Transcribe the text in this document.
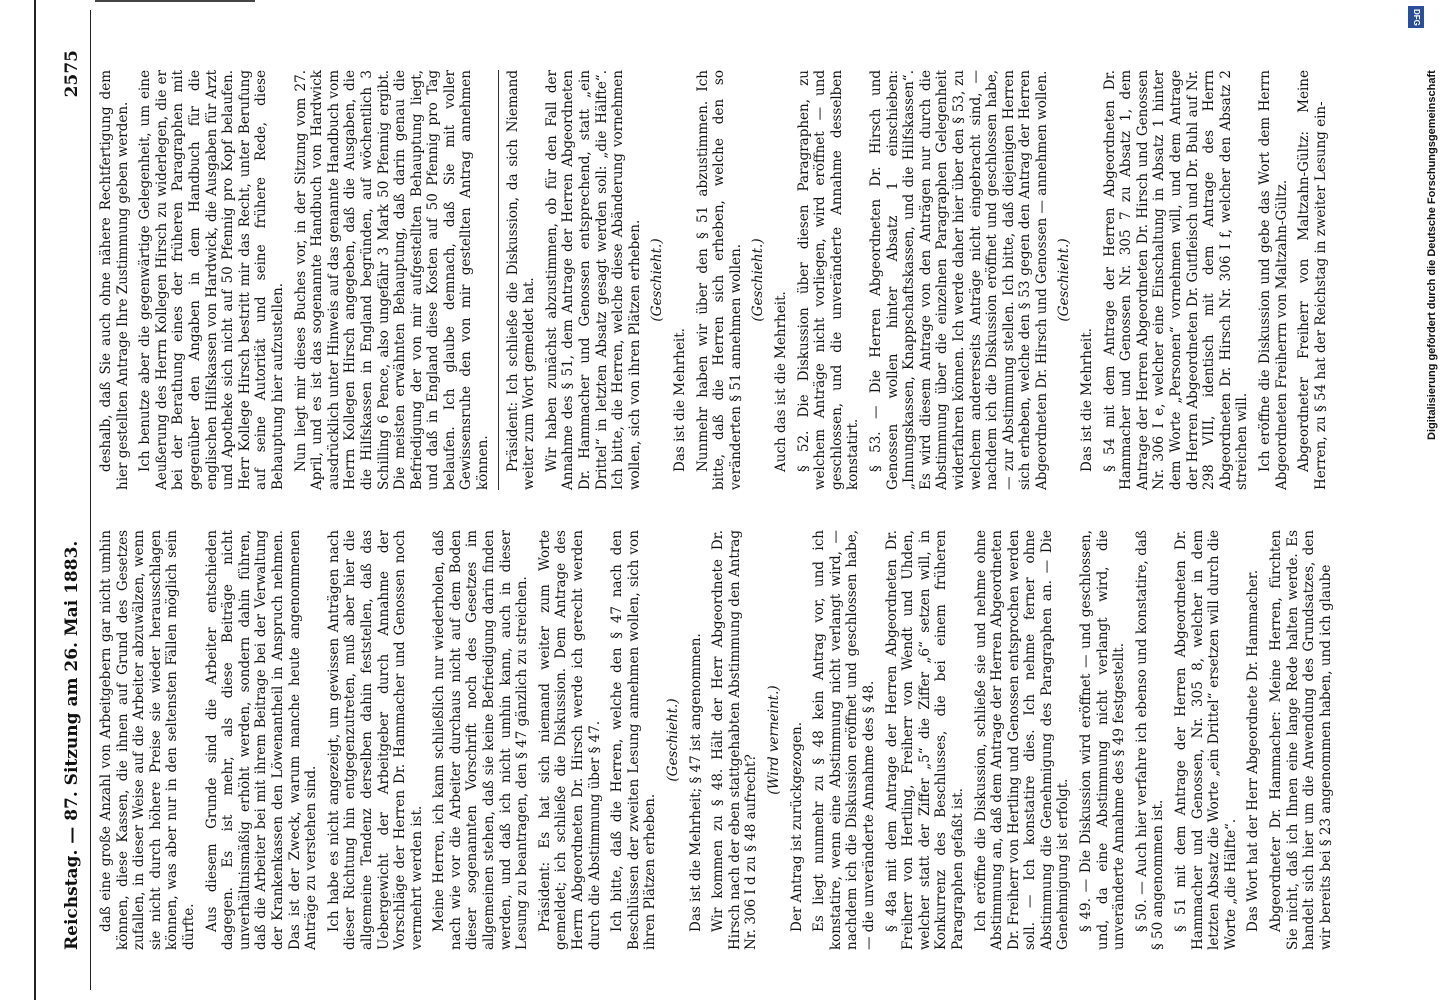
Reichstag. — 87. Sitzung am 26. Mai 1883.
2575

daß eine große Anzahl von Arbeitgebern gar nicht umhin können, diese Kassen, die ihnen auf Grund des Gesetzes zufallen, in dieser Weise auf die Arbeiter abzuwälzen, wenn sie nicht durch höhere Preise sie wieder herausschlagen können, was aber nur in den seltensten Fällen möglich sein dürfte. Aus diesem Grunde sind die Arbeiter entschieden dagegen. Es ist mehr, als diese Beiträge nicht unverhältnismäßig erhöht werden, sondern dahin führen, daß die Arbeiter bei mit ihrem Beitrage bei der Verwaltung der Krankenkassen den Löwenantheil in Anspruch nehmen. Das ist der Zweck, warum manche heute angenommenen Anträge zu verstehen sind. Ich habe es nicht angezeigt, um gewissen Anträgen nach dieser Richtung hin entgegenzutreten, muß aber hier die allgemeine Tendenz derselben dahin feststellen, daß das Uebergewicht der Arbeitgeber durch Annahme der Vorschläge der Herren Dr. Hammacher und Genossen noch vermehrt werden ist. Meine Herren, ich kann schließlich nur wiederholen, daß nach wie vor die Arbeiter durchaus nicht auf dem Boden dieser sogenannten Vorschrift noch des Gesetzes im allgemeinen stehen, daß sie keine Befriedigung darin finden werden, und daß ich nicht umhin kann, auch in dieser Lesung zu beantragen, den § 47 gänzlich zu streichen. Präsident: Es hat sich niemand weiter zum Worte gemeldet; ich schließe die Diskussion. Dem Antrage des Herrn Abgeordneten Dr. Hirsch werde ich gerecht werden durch die Abstimmung über § 47. Ich bitte, daß die Herren, welche den § 47 nach den Beschlüssen der zweiten Lesung annehmen wollen, sich von ihren Plätzen erheben.

(Geschieht.) Das ist die Mehrheit; § 47 ist angenommen. Wir kommen zu § 48. Hält der Herr Abgeordnete Dr. Hirsch nach der eben stattgehabten Abstimmung den Antrag Nr. 306 I d zu § 48 aufrecht?

(Wird verneint.) Der Antrag ist zurückgezogen. Es liegt nunmehr zu § 48 kein Antrag vor, und ich konstatire, wenn eine Abstimmung nicht verlangt wird, — nachdem ich die Diskussion eröffnet und geschlossen habe, — die unveränderte Annahme des § 48. § 48a mit dem Antrage der Herren Abgeordneten Dr. Freiherr von Hertling, Freiherr von Wendt und Uhden, welcher statt der Ziffer „5“ die Ziffer „6“ setzen will, in Konkurrenz des Beschlusses, die bei einem früheren Paragraphen gefaßt ist. Ich eröffne die Diskussion, schließe sie und nehme ohne Abstimmung an, daß dem Antrage der Herren Abgeordneten Dr. Freiherr von Hertling und Genossen entsprochen werden soll. — Ich konstatire dies. Ich nehme ferner ohne Abstimmung die Genehmigung des Paragraphen an. — Die Genehmigung ist erfolgt. § 49. — Die Diskussion wird eröffnet — und geschlossen, und, da eine Abstimmung nicht verlangt wird, die unveränderte Annahme des § 49 festgestellt. § 50. — Auch hier verfahre ich ebenso und konstatire, daß § 50 angenommen ist. § 51 mit dem Antrage der Herren Abgeordneten Dr. Hammacher und Genossen, Nr. 305 8, welcher in dem letzten Absatz die Worte „ein Drittel“ ersetzen will durch die Worte „die Hälfte“. Das Wort hat der Herr Abgeordnete Dr. Hammacher. Abgeordneter Dr. Hammacher: Meine Herren, fürchten Sie nicht, daß ich Ihnen eine lange Rede halten werde. Es handelt sich hier um die Anwendung des Grundsatzes, den wir bereits bei § 23 angenommen haben, und ich glaube

deshalb, daß Sie auch ohne nähere Rechtfertigung dem hier gestellten Antrage Ihre Zustimmung geben werden. Ich benutze aber die gegenwärtige Gelegenheit, um eine Aeußerung des Herrn Kollegen Hirsch zu widerlegen, die er bei der Berathung eines der früheren Paragraphen mit gegenüber den Angaben in dem Handbuch für die englischen Hilfskassen von Hardwick, die Ausgaben für Arzt und Apotheke sich nicht auf 50 Pfennig pro Kopf belaufen. Herr Kollege Hirsch bestritt mir das Recht, unter Berufung auf seine Autorität und seine frühere Rede, diese Behauptung hier aufzustellen. Nun liegt mir dieses Buches vor, in der Sitzung vom 27. April, und es ist das sogenannte Handbuch von Hardwick ausdrücklich unter Hinweis auf das genannte Handbuch vom Herrn Kollegen Hirsch angegeben, daß die Ausgaben, die die Hilfskassen in England begründen, auf wöchentlich 3 Schilling 6 Pence, also ungefähr 3 Mark 50 Pfennig ergibt. Die meisten erwähnten Behauptung, daß darin genau die Befriedigung der von mir aufgestellten Behauptung liegt, und daß in England diese Kosten auf 50 Pfennig pro Tag belaufen. Ich glaube demnach, daß Sie mit voller Gewissensruhe den von mir gestellten Antrag annehmen können. Präsident: Ich schließe die Diskussion, da sich Niemand weiter zum Wort gemeldet hat. Wir haben zunächst abzustimmen, ob für den Fall der Annahme des § 51, dem Antrage der Herren Abgeordneten Dr. Hammacher und Genossen entsprechend, statt „ein Drittel“ in letzten Absatz gesagt werden soll: „die Hälfte“. Ich bitte, die Herren, welche diese Abänderung vornehmen wollen, sich von ihren Plätzen erheben. (Geschieht.)

Das ist die Mehrheit. Nunmehr haben wir über den § 51 abzustimmen. Ich bitte, daß die Herren sich erheben, welche den so veränderten § 51 annehmen wollen. (Geschieht.)

Auch das ist die Mehrheit. § 52. Die Diskussion über diesen Paragraphen, zu welchem Anträge nicht vorliegen, wird eröffnet — und geschlossen, und die unveränderte Annahme desselben konstatirt. § 53. — Die Herren Abgeordneten Dr. Hirsch und Genossen wollen hinter Absatz 1 einschieben: „Innungskassen, Knappschaftskassen, und die Hilfskassen“. Es wird diesem Antrage von den Anträgen nur durch die Abstimmung über die einzelnen Paragraphen Gelegenheit widerfahren können. Ich werde daher hier über den § 53, zu welchem andererseits Anträge nicht eingebracht sind, — nachdem ich die Diskussion eröffnet und geschlossen habe, — zur Abstimmung stellen. Ich bitte, daß diejenigen Herren sich erheben, welche den § 53 gegen den Antrag der Herren Abgeordneten Dr. Hirsch und Genossen — annehmen wollen. (Geschieht.)

Das ist die Mehrheit. § 54 mit dem Antrage der Herren Abgeordneten Dr. Hammacher und Genossen Nr. 305 7 zu Absatz 1, dem Antrage der Herren Abgeordneten Dr. Hirsch und Genossen Nr. 306 I e, welcher eine Einschaltung in Absatz 1 hinter dem Worte „Personen“ vornehmen will, und dem Antrage der Herren Abgeordneten Dr. Gutfleisch und Dr. Buhl auf Nr. 298 VIII, identisch mit dem Antrage des Herrn Abgeordneten Dr. Hirsch Nr. 306 I f, welcher den Absatz 2 streichen will. Ich eröffne die Diskussion und gebe das Wort dem Herrn Abgeordneten Freiherrn von Maltzahn-Gültz. Abgeordneter Freiherr von Maltzahn-Gültz: Meine Herren, zu § 54 hat der Reichstag in zweiter Lesung ein-

DFG
Digitalisierung gefördert durch die Deutsche Forschungsgemeinschaft
